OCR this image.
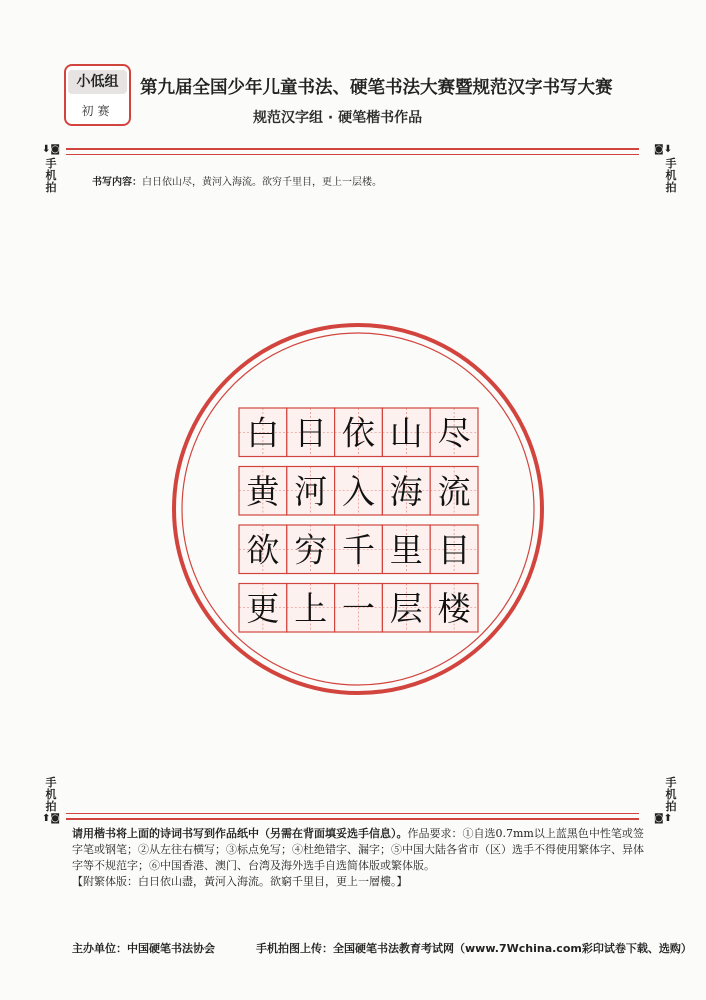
小低组
初赛
第九届全国少年儿童书法、硬笔书法大赛暨规范汉字书写大赛
规范汉字组 · 硬笔楷书作品
⬇◙
手机拍
◙⬇
手机拍
书写内容：白日依山尽，黄河入海流。欲穷千里目，更上一层楼。
白 日 依 山 尽
黄 河 入 海 流
欲 穷 千 里 目
更 上 一 层 楼
手机拍
⬆◙
手机拍
◙⬆
请用楷书将上面的诗词书写到作品纸中（另需在背面填妥选手信息）。作品要求：①自选0.7mm以上蓝黑色中性笔或签字笔或钢笔；②从左往右横写；③标点免写；④杜绝错字、漏字；⑤中国大陆各省市（区）选手不得使用繁体字、异体字等不规范字；⑥中国香港、澳门、台湾及海外选手自选简体版或繁体版。
【附繁体版：白日依山盡，黃河入海流。欲窮千里目，更上一層樓。】
主办单位：中国硬笔书法协会	手机拍图上传：全国硬笔书法教育考试网（www.7Wchina.com彩印试卷下载、选购）
